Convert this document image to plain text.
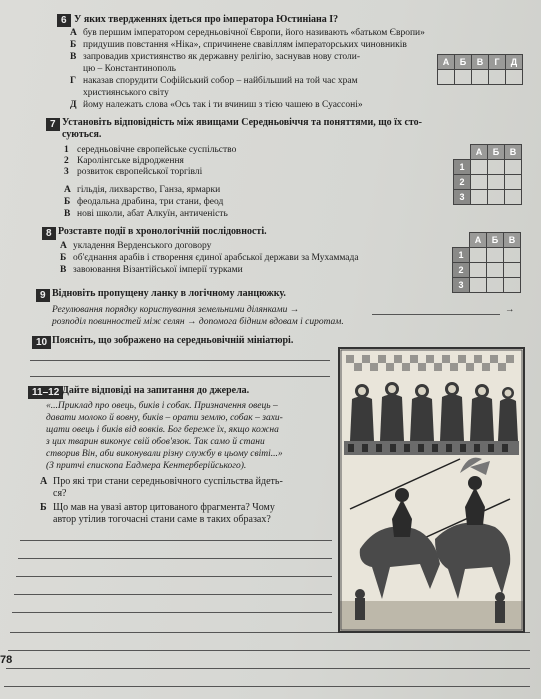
6 У яких твердженнях ідеться про імператора Юстиніана І?
А був першим імператором середньовічної Європи, його називають «батьком Європи»
Б придушив повстання «Ніка», спричинене свавіллям імператорських чиновників
В запровадив християнство як державну релігію, заснував нову столи-
цю – Константинополь
Г наказав спорудити Софійський собор – найбільший на той час храм
християнського світу
Д йому належать слова «Ось так і ти вчиниш з тією чашею в Суассоні»
А	Б	В	Г	Д

7 Установіть відповідність між явищами Середньовіччя та поняттями, що їх сто-
суються.
1 середньовічне європейське суспільство
2 Каролінгське відродження
3 розвиток європейської торгівлі
А гільдія, лихварство, Ганза, ярмарки
Б феодальна драбина, три стани, феод
В нові школи, абат Алкуїн, античеність
	А	Б	В
1			
2			
3			
8 Розставте події в хронологічній послідовності.
А укладення Верденського договору
Б об'єднання арабів і створення єдиної арабської держави за Мухаммада
В завоювання Візантійської імперії турками
	А	Б	В
1			
2			
3			
9 Відновіть пропущену ланку в логічному ланцюжку.
Регулювання порядку користування земельними ділянками →	→
розподіл повинностей між селян → допомога бідним вдовам і сиротам.
10 Поясніть, що зображено на середньовічній мініатюрі.
11–12 Дайте відповіді на запитання до джерела.
«...Приклад про овець, биків і собак. Призначення овець –
давати молоко й вовну, биків – орати землю, собак – захи-
щати овець і биків від вовків. Бог береже їх, якщо кожна
з цих тварин виконує свій обов'язок. Так само й стани
створив Він, аби виконували різну службу в цьому світі...»
(З притчі єпископа Еадмера Кентерберійського).
А Про які три стани середньовічного суспільства йдеть-
ся?
Б Що мав на увазі автор цитованого фрагмента? Чому
автор утілив тогочасні стани саме в таких образах?
78
